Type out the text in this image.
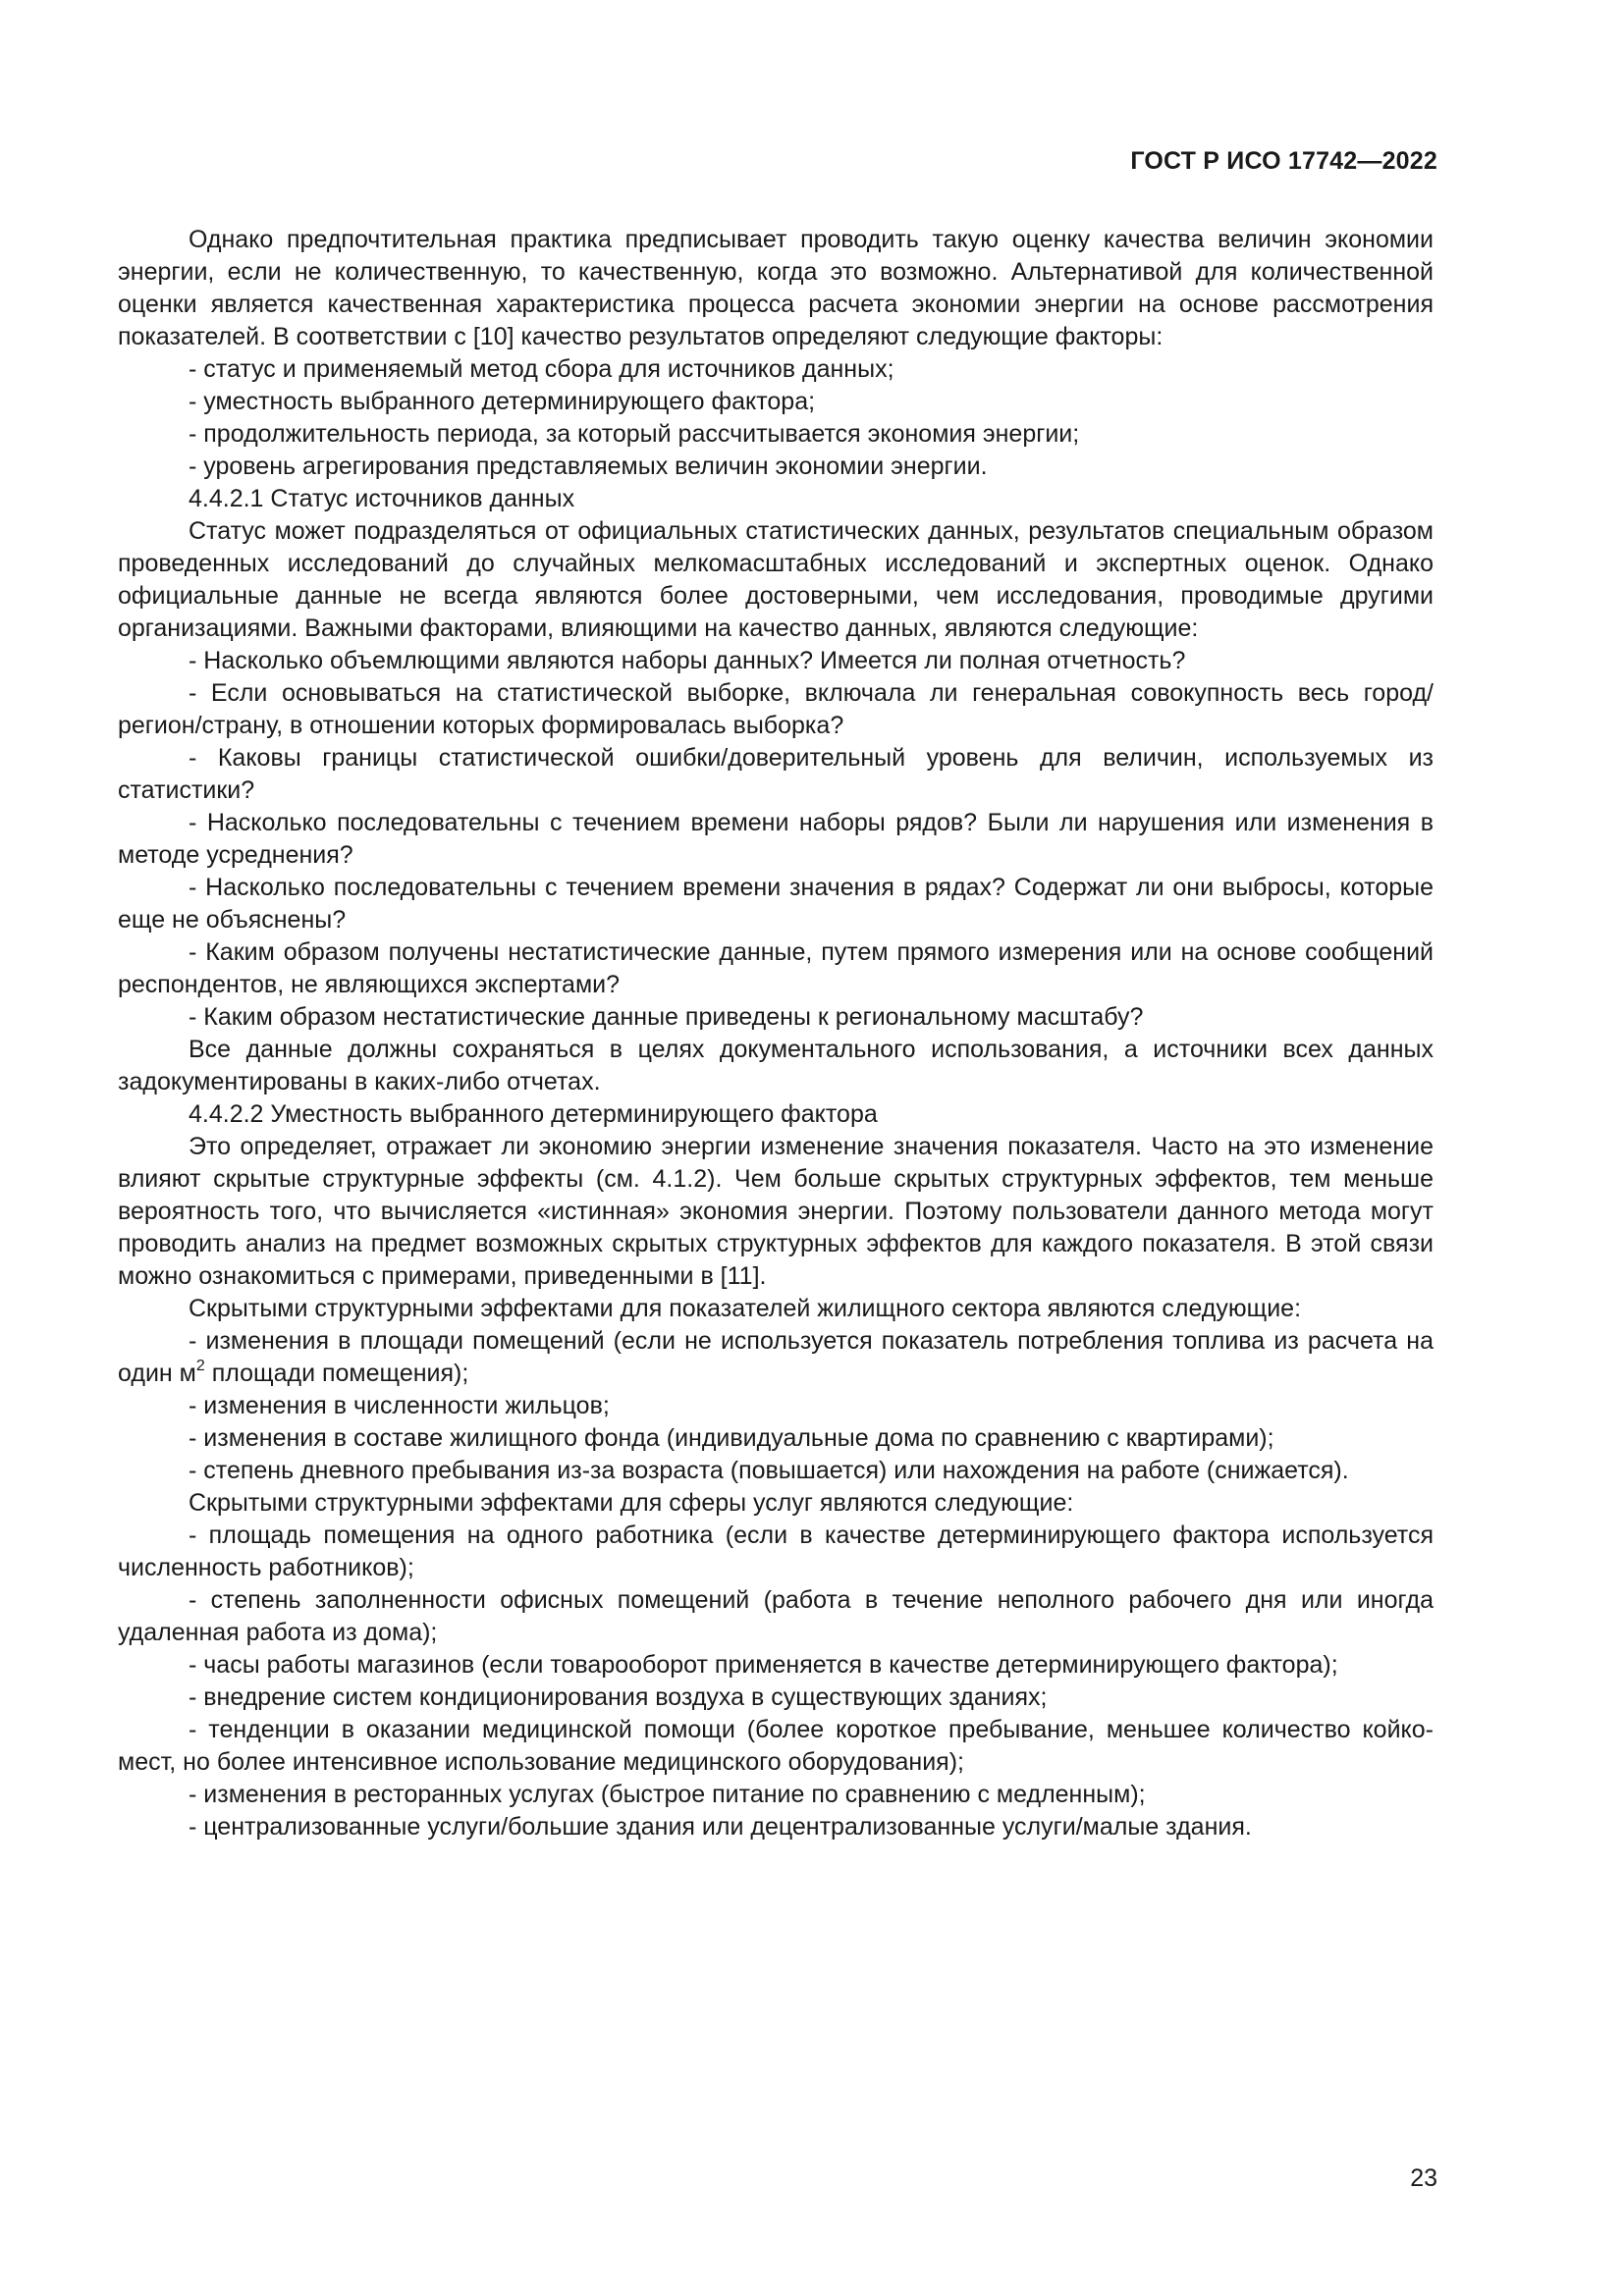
ГОСТ Р ИСО 17742—2022

Однако предпочтительная практика предписывает проводить такую оценку качества величин экономии энергии, если не количественную, то качественную, когда это возможно. Альтернативой для количественной оценки является качественная характеристика процесса расчета экономии энергии на основе рассмотрения показателей. В соответствии с [10] качество результатов определяют следующие факторы:

- статус и применяемый метод сбора для источников данных;

- уместность выбранного детерминирующего фактора;

- продолжительность периода, за который рассчитывается экономия энергии;

- уровень агрегирования представляемых величин экономии энергии.

4.4.2.1 Статус источников данных

Статус может подразделяться от официальных статистических данных, результатов специальным образом проведенных исследований до случайных мелкомасштабных исследований и экспертных оценок. Однако официальные данные не всегда являются более достоверными, чем исследования, проводимые другими организациями. Важными факторами, влияющими на качество данных, являются следующие:

- Насколько объемлющими являются наборы данных? Имеется ли полная отчетность?

- Если основываться на статистической выборке, включала ли генеральная совокупность весь город/регион/страну, в отношении которых формировалась выборка?

- Каковы границы статистической ошибки/доверительный уровень для величин, используемых из статистики?

- Насколько последовательны с течением времени наборы рядов? Были ли нарушения или изменения в методе усреднения?

- Насколько последовательны с течением времени значения в рядах? Содержат ли они выбросы, которые еще не объяснены?

- Каким образом получены нестатистические данные, путем прямого измерения или на основе сообщений респондентов, не являющихся экспертами?

- Каким образом нестатистические данные приведены к региональному масштабу?

Все данные должны сохраняться в целях документального использования, а источники всех данных задокументированы в каких-либо отчетах.

4.4.2.2 Уместность выбранного детерминирующего фактора

Это определяет, отражает ли экономию энергии изменение значения показателя. Часто на это изменение влияют скрытые структурные эффекты (см. 4.1.2). Чем больше скрытых структурных эффектов, тем меньше вероятность того, что вычисляется «истинная» экономия энергии. Поэтому пользователи данного метода могут проводить анализ на предмет возможных скрытых структурных эффектов для каждого показателя. В этой связи можно ознакомиться с примерами, приведенными в [11].

Скрытыми структурными эффектами для показателей жилищного сектора являются следующие:

- изменения в площади помещений (если не используется показатель потребления топлива из расчета на один $м^2$ площади помещения);

- изменения в численности жильцов;

- изменения в составе жилищного фонда (индивидуальные дома по сравнению с квартирами);

- степень дневного пребывания из-за возраста (повышается) или нахождения на работе (снижается).

Скрытыми структурными эффектами для сферы услуг являются следующие:

- площадь помещения на одного работника (если в качестве детерминирующего фактора используется численность работников);

- степень заполненности офисных помещений (работа в течение неполного рабочего дня или иногда удаленная работа из дома);

- часы работы магазинов (если товарооборот применяется в качестве детерминирующего фактора);

- внедрение систем кондиционирования воздуха в существующих зданиях;

- тенденции в оказании медицинской помощи (более короткое пребывание, меньшее количество койко-мест, но более интенсивное использование медицинского оборудования);

- изменения в ресторанных услугах (быстрое питание по сравнению с медленным);

- централизованные услуги/большие здания или децентрализованные услуги/малые здания.

23
